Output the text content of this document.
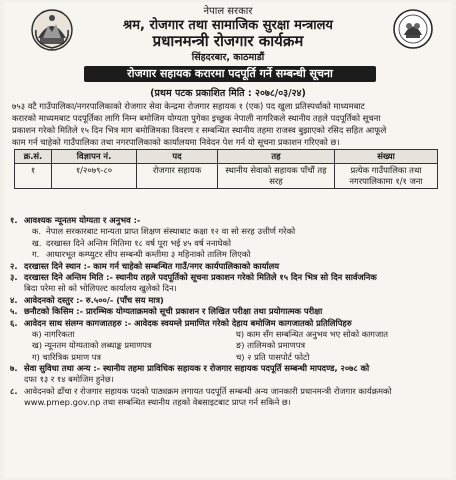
नेपाल सरकार
श्रम, रोजगार तथा सामाजिक सुरक्षा मन्त्रालय
प्रधानमन्त्री रोजगार कार्यक्रम
सिंहदरबार, काठमाडौं
रोजगार सहायक करारमा पदपूर्ति गर्ने सम्बन्धी सूचना
(प्रथम पटक प्रकाशित मिति : २०७८/०३/२४)
७५३ वटै गाउँपालिका/नगरपालिकाको रोजगार सेवा केन्द्रमा रोजगार सहायक १ (एक) पद खुला प्रतिस्पर्धाको माध्यमबाट
करारको माध्यमबाट पदपूर्तिका लागि निम्न बमोजिम योग्यता पुगेका इच्छुक नेपाली नागरिकले स्थानीय तहले पदपूर्तिको सूचना
प्रकाशन गरेको मितिले १५ दिन भित्र माग बमोजिमका विवरण र सम्बन्धित स्थानीय तहमा राजस्व बुझाएको रसिद सहित आफूले
काम गर्न चाहेको गाउँपालिका तथा नगरपालिकाको कार्यालयमा निवेदन पेश गर्न यो सूचना प्रकाशन गरिएको छ।
क्र.सं.	विज्ञापन नं.	पद	तह	संख्या
१	१/२०७९-८०	रोजगार सहायक	स्थानीय सेवाको सहायक पाँचौं तह सरह	प्रत्येक गाउँपालिका तथा नगरपालिकामा १/१ जना
१. आवश्यक न्यूनतम योग्यता र अनुभव :-
क. नेपाल सरकारबाट मान्यता प्राप्त शिक्षण संस्थाबाट कक्षा १२ वा सो सरह उत्तीर्ण गरेको
ख. दरखास्त दिने अन्तिम मितिमा १८ वर्ष पूरा भई ४५ वर्ष ननाघेको
ग. आधारभूत कम्प्युटर सीप सम्बन्धी कम्तीमा ३ महिनाको तालिम लिएको
२. दरखास्त दिने स्थान :- काम गर्न चाहेको सम्बन्धित गाउँ/नगर कार्यपालिकाको कार्यालय
३. दरखास्त दिने अन्तिम मिति :- स्थानीय तहले पदपूर्तिको सूचना प्रकाशन गरेको मितिले १५ दिन भित्र सो दिन सार्वजनिक
बिदा परेमा सो को भोलिपल्ट कार्यालय खुलेको दिन।
४. आवेदनको दस्तुर :- रु.५००/- (पाँच सय मात्र)
५. छनौटको किसिम :- प्रारम्भिक योग्यताक्रमको सूची प्रकाशन र लिखित परीक्षा तथा प्रयोगात्मक परीक्षा
६. आवेदन साथ संलग्न कागजातहरु :- आवेदक स्वयम्ले प्रमाणित गरेको देहाय बमोजिम कागजातको प्रतिलिपिहरु
क) नागरिकता	घ) काम सँग सम्बन्धित अनुभव भए सोको कागजात
ख) न्यूनतम योग्यताको लब्धाङ्क प्रमाणपत्र	ङ) तालिमको प्रमाणपत्र
ग) चारित्रिक प्रमाण पत्र	च) २ प्रति पासपोर्ट फोटो
७. सेवा सुविधा तथा अन्य :- स्थानीय तहमा प्राविधिक सहायक र रोजगार सहायक पदपूर्ति सम्बन्धी मापदण्ड, २०७८ को
दफा १३ र १४ बमोजिम हुनेछ।
८. आवेदनको ढाँचा र रोजगार सहायक पदको पाठ्यक्रम लगायत पदपूर्ति सम्बन्धी अन्य जानकारी प्रधानमन्त्री रोजगार कार्यक्रमको
www.pmep.gov.np तथा सम्बन्धित स्थानीय तहको वेबसाइटबाट प्राप्त गर्न सकिने छ।
